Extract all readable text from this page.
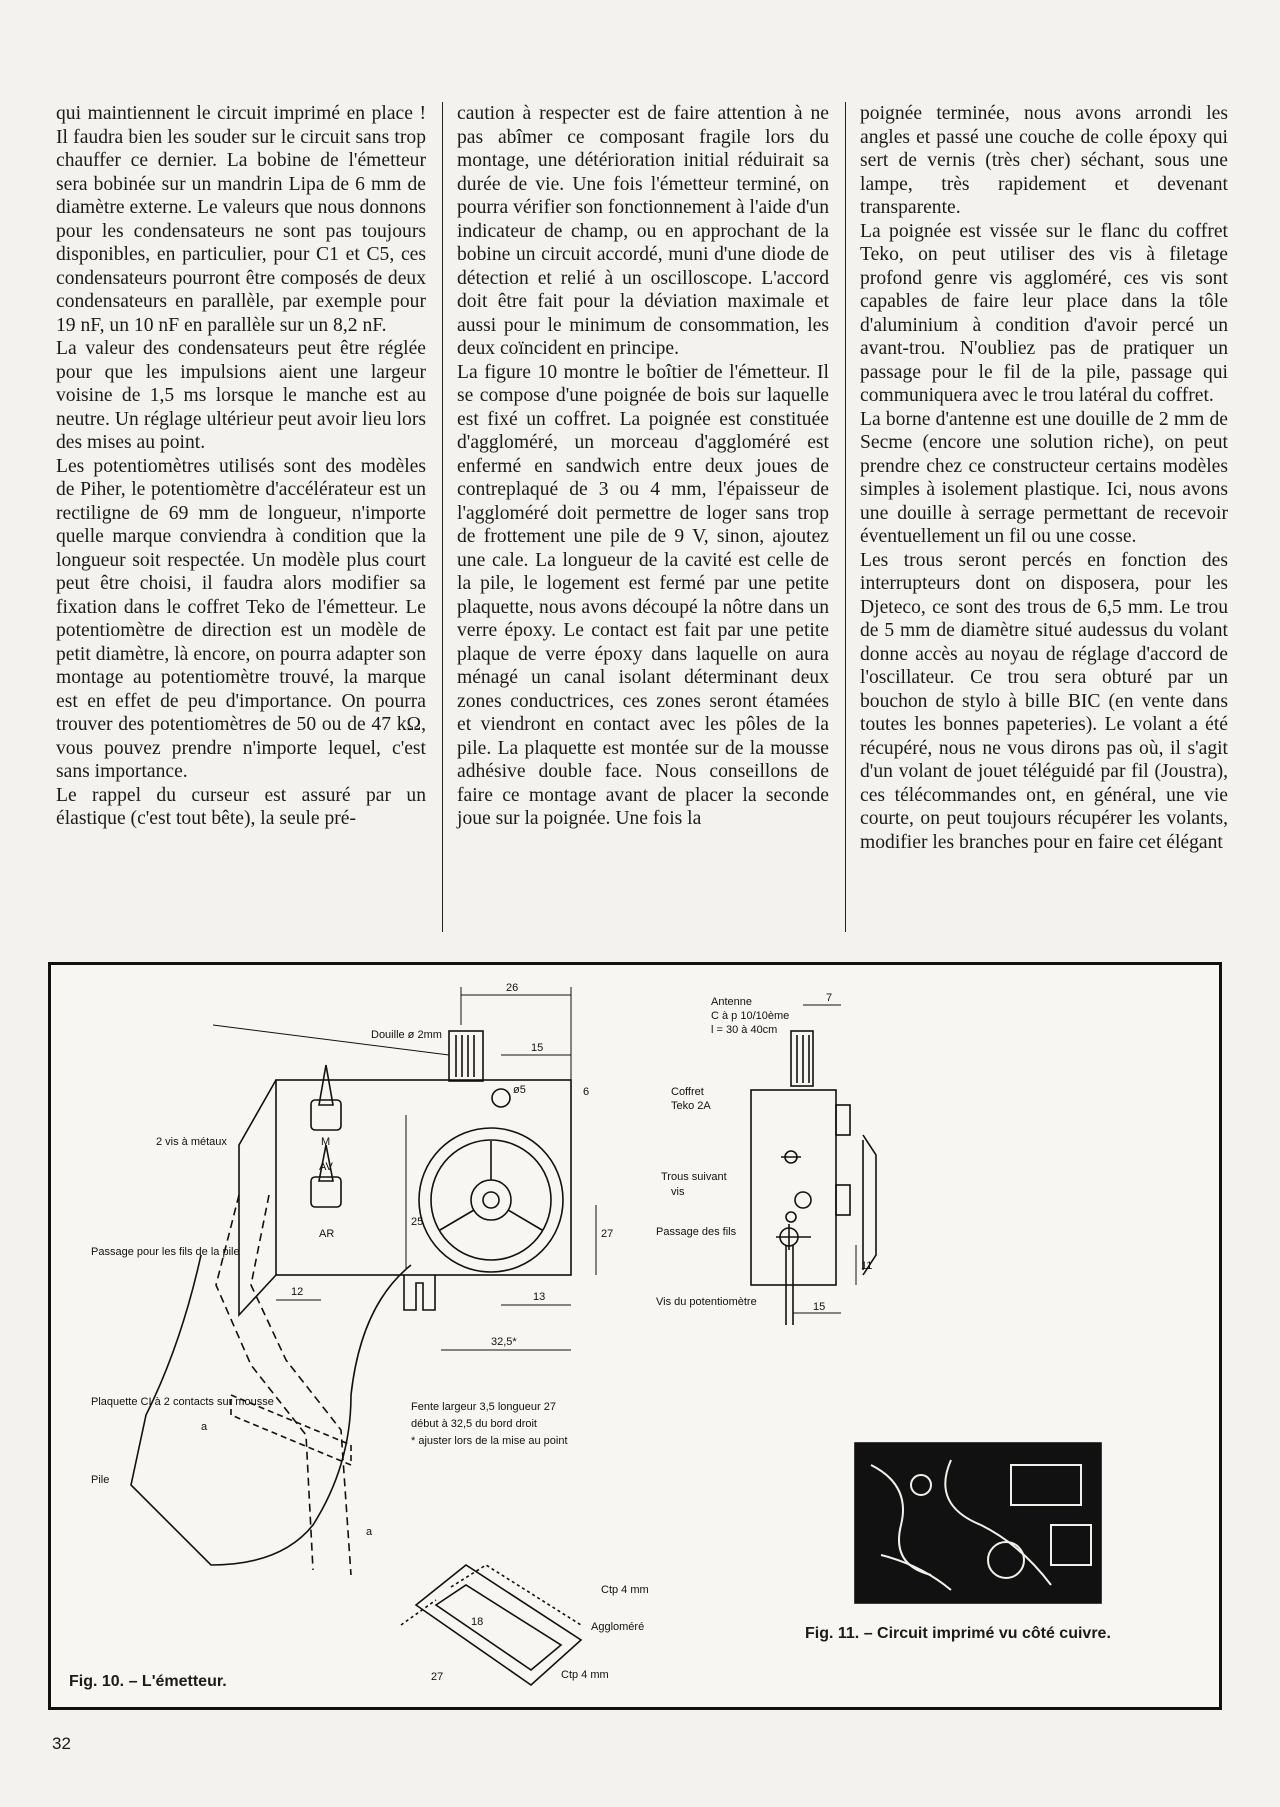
qui maintiennent le circuit imprimé en place ! Il faudra bien les souder sur le circuit sans trop chauffer ce dernier. La bobine de l'émetteur sera bobinée sur un mandrin Lipa de 6 mm de diamètre externe. Le valeurs que nous donnons pour les condensateurs ne sont pas toujours disponibles, en particulier, pour C1 et C5, ces condensateurs pourront être composés de deux condensateurs en parallèle, par exemple pour 19 nF, un 10 nF en parallèle sur un 8,2 nF.

La valeur des condensateurs peut être réglée pour que les impulsions aient une largeur voisine de 1,5 ms lorsque le manche est au neutre. Un réglage ultérieur peut avoir lieu lors des mises au point.

Les potentiomètres utilisés sont des modèles de Piher, le potentiomètre d'accélérateur est un rectiligne de 69 mm de longueur, n'importe quelle marque conviendra à condition que la longueur soit respectée. Un modèle plus court peut être choisi, il faudra alors modifier sa fixation dans le coffret Teko de l'émetteur. Le potentiomètre de direction est un modèle de petit diamètre, là encore, on pourra adapter son montage au potentiomètre trouvé, la marque est en effet de peu d'importance. On pourra trouver des potentiomètres de 50 ou de 47 kΩ, vous pouvez prendre n'importe lequel, c'est sans importance.

Le rappel du curseur est assuré par un élastique (c'est tout bête), la seule pré-

caution à respecter est de faire attention à ne pas abîmer ce composant fragile lors du montage, une détérioration initial réduirait sa durée de vie. Une fois l'émetteur terminé, on pourra vérifier son fonctionnement à l'aide d'un indicateur de champ, ou en approchant de la bobine un circuit accordé, muni d'une diode de détection et relié à un oscilloscope. L'accord doit être fait pour la déviation maximale et aussi pour le minimum de consommation, les deux coïncident en principe.

La figure 10 montre le boîtier de l'émetteur. Il se compose d'une poignée de bois sur laquelle est fixé un coffret. La poignée est constituée d'aggloméré, un morceau d'aggloméré est enfermé en sandwich entre deux joues de contreplaqué de 3 ou 4 mm, l'épaisseur de l'aggloméré doit permettre de loger sans trop de frottement une pile de 9 V, sinon, ajoutez une cale. La longueur de la cavité est celle de la pile, le logement est fermé par une petite plaquette, nous avons découpé la nôtre dans un verre époxy. Le contact est fait par une petite plaque de verre époxy dans laquelle on aura ménagé un canal isolant déterminant deux zones conductrices, ces zones seront étamées et viendront en contact avec les pôles de la pile. La plaquette est montée sur de la mousse adhésive double face. Nous conseillons de faire ce montage avant de placer la seconde joue sur la poignée. Une fois la

poignée terminée, nous avons arrondi les angles et passé une couche de colle époxy qui sert de vernis (très cher) séchant, sous une lampe, très rapidement et devenant transparente.

La poignée est vissée sur le flanc du coffret Teko, on peut utiliser des vis à filetage profond genre vis aggloméré, ces vis sont capables de faire leur place dans la tôle d'aluminium à condition d'avoir percé un avant-trou. N'oubliez pas de pratiquer un passage pour le fil de la pile, passage qui communiquera avec le trou latéral du coffret.

La borne d'antenne est une douille de 2 mm de Secme (encore une solution riche), on peut prendre chez ce constructeur certains modèles simples à isolement plastique. Ici, nous avons une douille à serrage permettant de recevoir éventuellement un fil ou une cosse.

Les trous seront percés en fonction des interrupteurs dont on disposera, pour les Djeteco, ce sont des trous de 6,5 mm. Le trou de 5 mm de diamètre situé audessus du volant donne accès au noyau de réglage d'accord de l'oscillateur. Ce trou sera obturé par un bouchon de stylo à bille BIC (en vente dans toutes les bonnes papeteries). Le volant a été récupéré, nous ne vous dirons pas où, il s'agit d'un volant de jouet téléguidé par fil (Joustra), ces télécommandes ont, en général, une vie courte, on peut toujours récupérer les volants, modifier les branches pour en faire cet élégant

Douille ø 2mm
2 vis à métaux
Passage pour les fils de la pile
Plaquette CI à 2 contacts sur mousse
Pile
Fente largeur 3,5 longueur 27
début à 32,5 du bord droit
* ajuster lors de la mise au point
Ctp 4 mm
Aggloméré
Ctp 4 mm
a
a
M
AV
AR
26
15
ø5	6
25
27
12	13
32,5*
18
27
Antenne
C à p 10/10ème
l = 30 à 40cm
Coffret
Teko 2A
Trous suivant
vis
Passage des fils
Vis du potentiomètre
7
11
15
Fig. 10. – L'émetteur.
Fig. 11. – Circuit imprimé vu côté cuivre.
32
